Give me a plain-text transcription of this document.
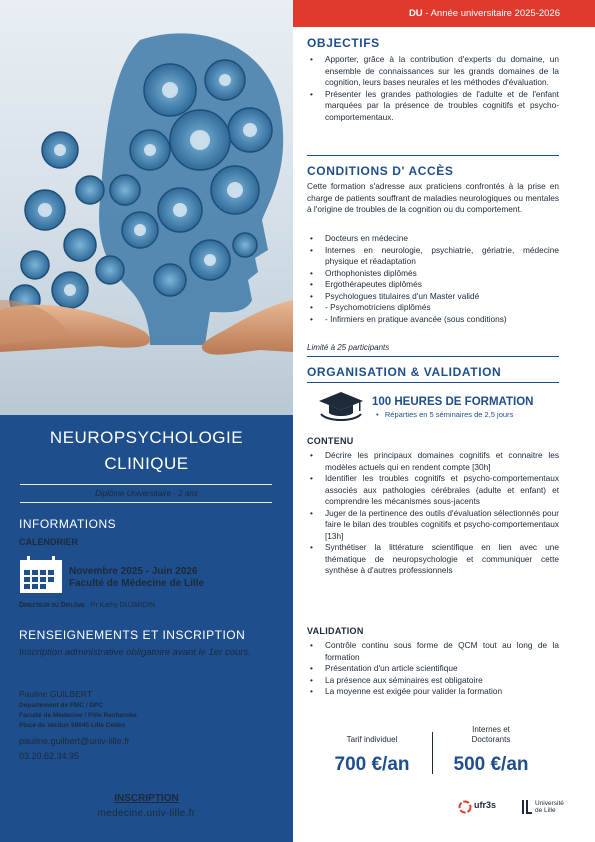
NEUROPSYCHOLOGIE
CLINIQUE
Diplôme Universitaire - 2 ans
INFORMATIONS
CALENDRIER
Novembre 2025 - Juin 2026
Faculté de Médecine de Lille
Directeur du Diplôme : Pr Kathy DUJARDIN
RENSEIGNEMENTS ET INSCRIPTION
Inscription administrative obligatoire avant le 1er cours.
Pauline GUILBERT
Département de FMC / DPC
Faculté de Médecine / Pôle Recherche
Place de Verdun 59045 Lille Cedex
pauline.guilbert@univ-lille.fr
03.20.62.34.95
INSCRIPTION
medecine.univ-lille.fr
DU - Année universitaire 2025-2026
OBJECTIFS
• Apporter, grâce à la contribution d'experts du domaine, un ensemble de connaissances sur les grands domaines de la cognition, leurs bases neurales et les méthodes d'évaluation.
• Présenter les grandes pathologies de l'adulte et de l'enfant marquées par la présence de troubles cognitifs et psycho-comportementaux.
CONDITIONS D' ACCÈS
Cette formation s'adresse aux praticiens confrontés à la prise en charge de patients souffrant de maladies neurologiques ou mentales à l'origine de troubles de la cognition ou du comportement.
• Docteurs en médecine
• Internes en neurologie, psychiatrie, gériatrie, médecine physique et réadaptation
• Orthophonistes diplômés
• Ergothérapeutes diplômés
• Psychologues titulaires d'un Master validé
• - Psychomotriciens diplômés
• - Infirmiers en pratique avancée (sous conditions)
Limité à 25 participants
ORGANISATION & VALIDATION
100 HEURES DE FORMATION
•   Réparties en 5 séminaires de 2,5 jours
CONTENU
• Décrire les principaux domaines cognitifs et connaitre les modèles actuels qui en rendent compte [30h]
• Identifier les troubles cognitifs et psycho-comportementaux associés aux pathologies cérébrales (adulte et enfant) et comprendre les mécanismes sous-jacents
• Juger de la pertinence des outils d'évaluation sélectionnés pour faire le bilan des troubles cognitifs et psycho-comportementaux [13h]
• Synthétiser la littérature scientifique en lien avec une thématique de neuropsychologie et communiquer cette synthèse à d'autres professionnels
VALIDATION
• Contrôle continu sous forme de QCM tout au long de la formation
• Présentation d'un article scientifique
• La présence aux séminaires est obligatoire
• La moyenne est exigée pour valider la formation
Tarif individuel
700 €/an
Internes et
Doctorants
500 €/an
ufr3s	Université
de Lille
